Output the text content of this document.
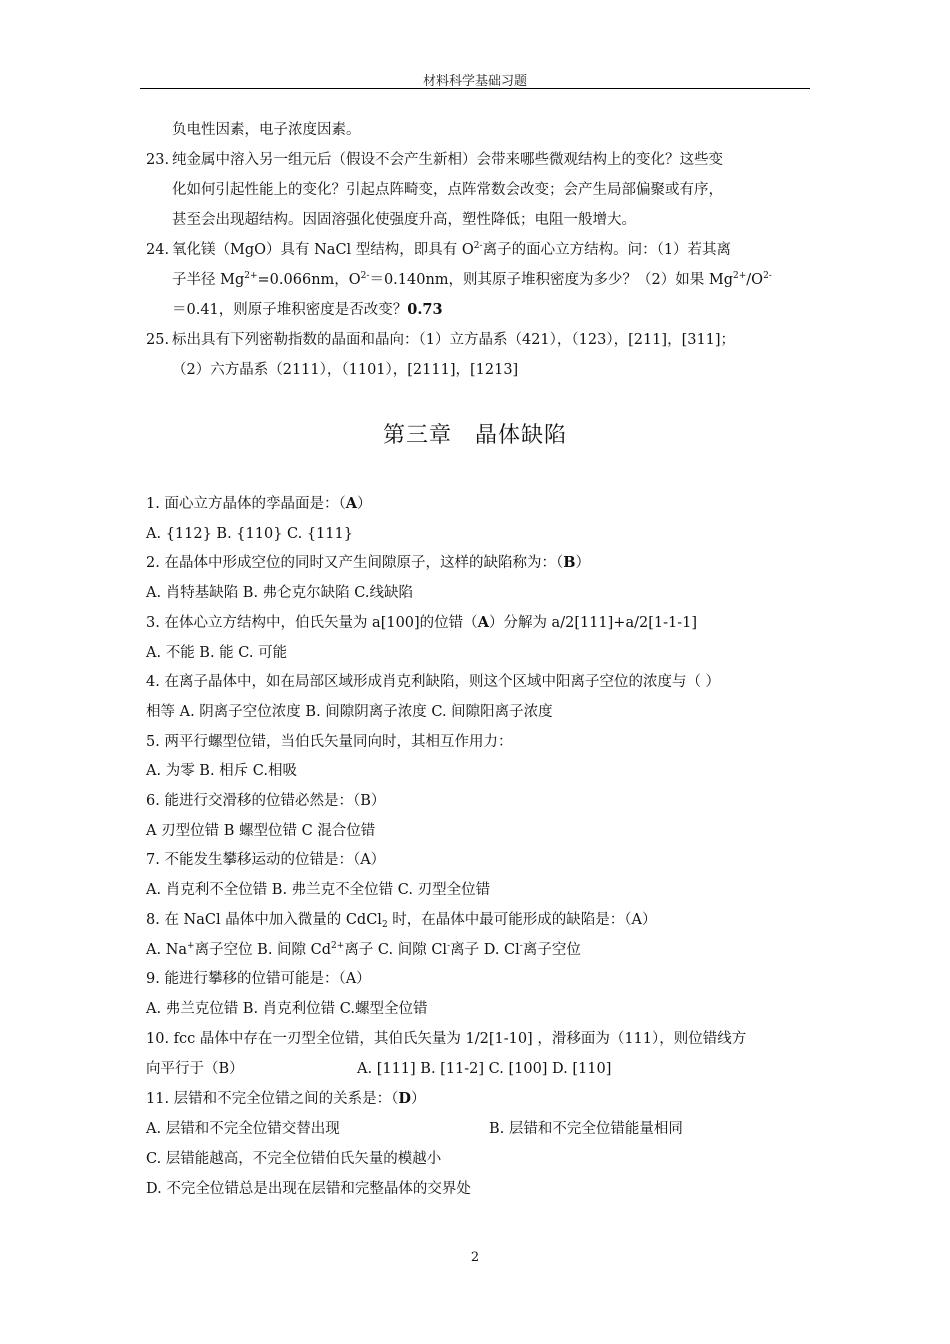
材料科学基础习题
负电性因素，电子浓度因素。
23. 纯金属中溶入另一组元后（假设不会产生新相）会带来哪些微观结构上的变化？这些变
化如何引起性能上的变化？引起点阵畸变，点阵常数会改变；会产生局部偏聚或有序，
甚至会出现超结构。因固溶强化使强度升高，塑性降低；电阻一般增大。
24. 氧化镁（MgO）具有 NaCl 型结构，即具有 $O^{2-}$离子的面心立方结构。问：（1）若其离
子半径 $Mg^{2+}=0.066nm$，$O^{2-}=0.140nm$，则其原子堆积密度为多少？（2）如果 $Mg^{2+}/O^{2-}$
＝0.41，则原子堆积密度是否改变？0.73
25. 标出具有下列密勒指数的晶面和晶向：（1）立方晶系（421），（123），[211]，[311]；
（2）六方晶系（2111），（1101），[2111]，[1213]
第三章　晶体缺陷
1. 面心立方晶体的孪晶面是：（A）
A. {112} B. {110} C. {111}
2. 在晶体中形成空位的同时又产生间隙原子，这样的缺陷称为：（B）
A. 肖特基缺陷 B. 弗仑克尔缺陷 C.线缺陷
3. 在体心立方结构中，伯氏矢量为 a[100]的位错（A）分解为 a/2[111]+a/2[1-1-1]
A. 不能 B. 能 C. 可能
4. 在离子晶体中，如在局部区域形成肖克利缺陷，则这个区域中阳离子空位的浓度与（ ）
相等 A. 阴离子空位浓度 B. 间隙阴离子浓度 C. 间隙阳离子浓度
5. 两平行螺型位错，当伯氏矢量同向时，其相互作用力：
A. 为零 B. 相斥 C.相吸
6. 能进行交滑移的位错必然是：（B）
A 刃型位错 B 螺型位错 C 混合位错
7. 不能发生攀移运动的位错是：（A）
A. 肖克利不全位错 B. 弗兰克不全位错 C. 刃型全位错
8. 在 NaCl 晶体中加入微量的 CdCl$_2$ 时，在晶体中最可能形成的缺陷是：（A）
A. Na+离子空位 B. 间隙 $Cd^{2+}$离子 C. 间隙 Cl-离子 D. Cl-离子空位
9. 能进行攀移的位错可能是：（A）
A. 弗兰克位错 B. 肖克利位错 C.螺型全位错
10. fcc 晶体中存在一刃型全位错，其伯氏矢量为 1/2[1-10] ，滑移面为（111），则位错线方
向平行于（B）	A. [111] B. [11-2] C. [100] D. [110]
11. 层错和不完全位错之间的关系是：（D）
A. 层错和不完全位错交替出现	B. 层错和不完全位错能量相同
C. 层错能越高，不完全位错伯氏矢量的模越小
D. 不完全位错总是出现在层错和完整晶体的交界处
2
